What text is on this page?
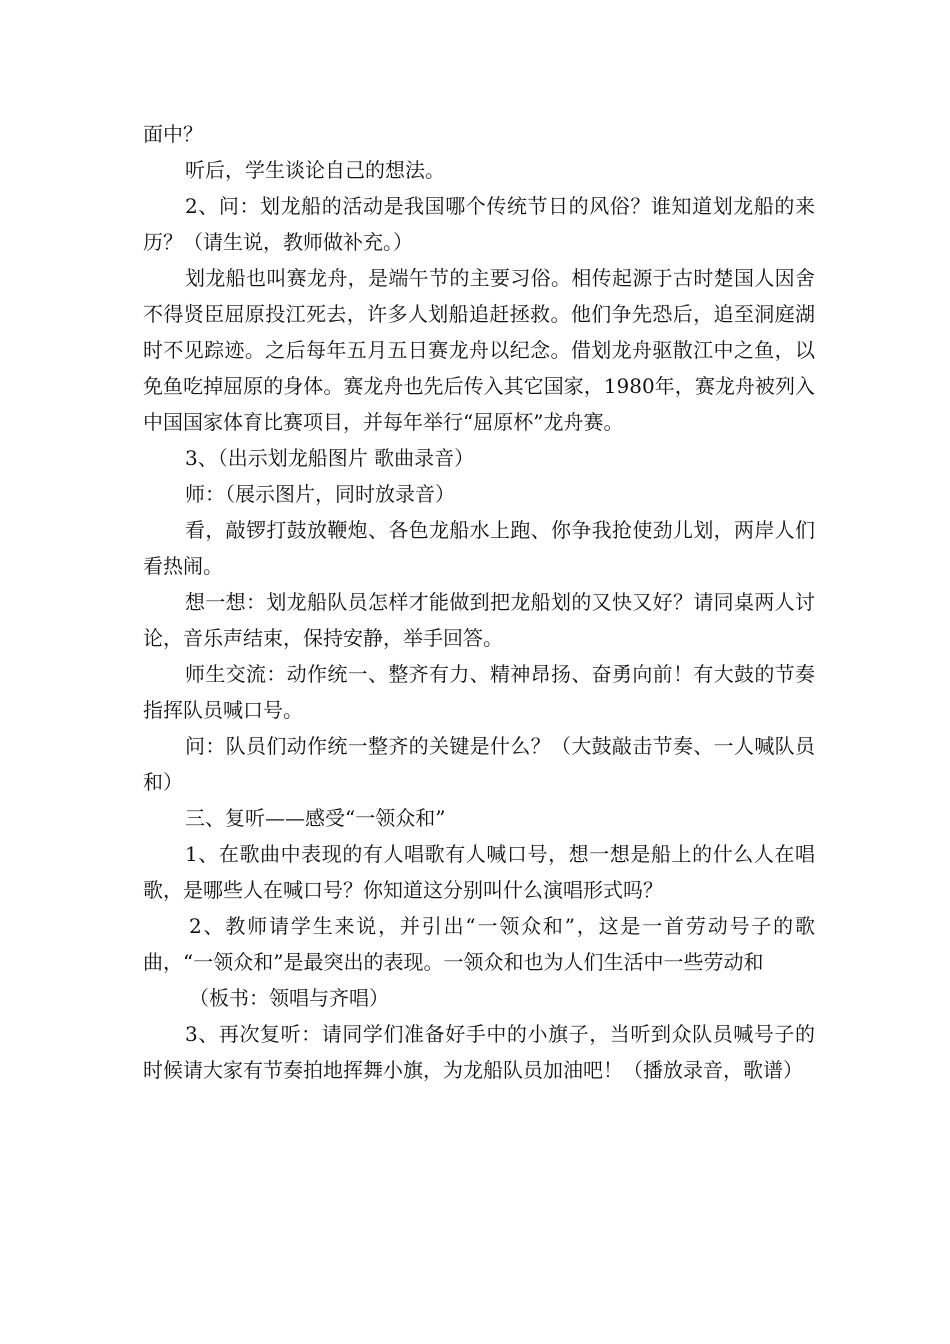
面中？

听后，学生谈论自己的想法。

2、问：划龙船的活动是我国哪个传统节日的风俗？谁知道划龙船的来历？（请生说，教师做补充。）

划龙船也叫赛龙舟，是端午节的主要习俗。相传起源于古时楚国人因舍不得贤臣屈原投江死去，许多人划船追赶拯救。他们争先恐后，追至洞庭湖时不见踪迹。之后每年五月五日赛龙舟以纪念。借划龙舟驱散江中之鱼，以免鱼吃掉屈原的身体。赛龙舟也先后传入其它国家，1980年，赛龙舟被列入中国国家体育比赛项目，并每年举行“屈原杯”龙舟赛。

3、（出示划龙船图片 歌曲录音）

师：（展示图片，同时放录音）

看，敲锣打鼓放鞭炮、各色龙船水上跑、你争我抢使劲儿划，两岸人们看热闹。

想一想：划龙船队员怎样才能做到把龙船划的又快又好？请同桌两人讨论，音乐声结束，保持安静，举手回答。

师生交流：动作统一、整齐有力、精神昂扬、奋勇向前！有大鼓的节奏指挥队员喊口号。

问：队员们动作统一整齐的关键是什么？（大鼓敲击节奏、一人喊队员和）

三、复听——感受“一领众和”

1、在歌曲中表现的有人唱歌有人喊口号，想一想是船上的什么人在唱歌，是哪些人在喊口号？你知道这分别叫什么演唱形式吗？

2、教师请学生来说，并引出“一领众和”，这是一首劳动号子的歌曲，“一领众和”是最突出的表现。一领众和也为人们生活中一些劳动和

（板书：领唱与齐唱）

3、再次复听：请同学们准备好手中的小旗子，当听到众队员喊号子的时候请大家有节奏拍地挥舞小旗，为龙船队员加油吧！（播放录音，歌谱）
